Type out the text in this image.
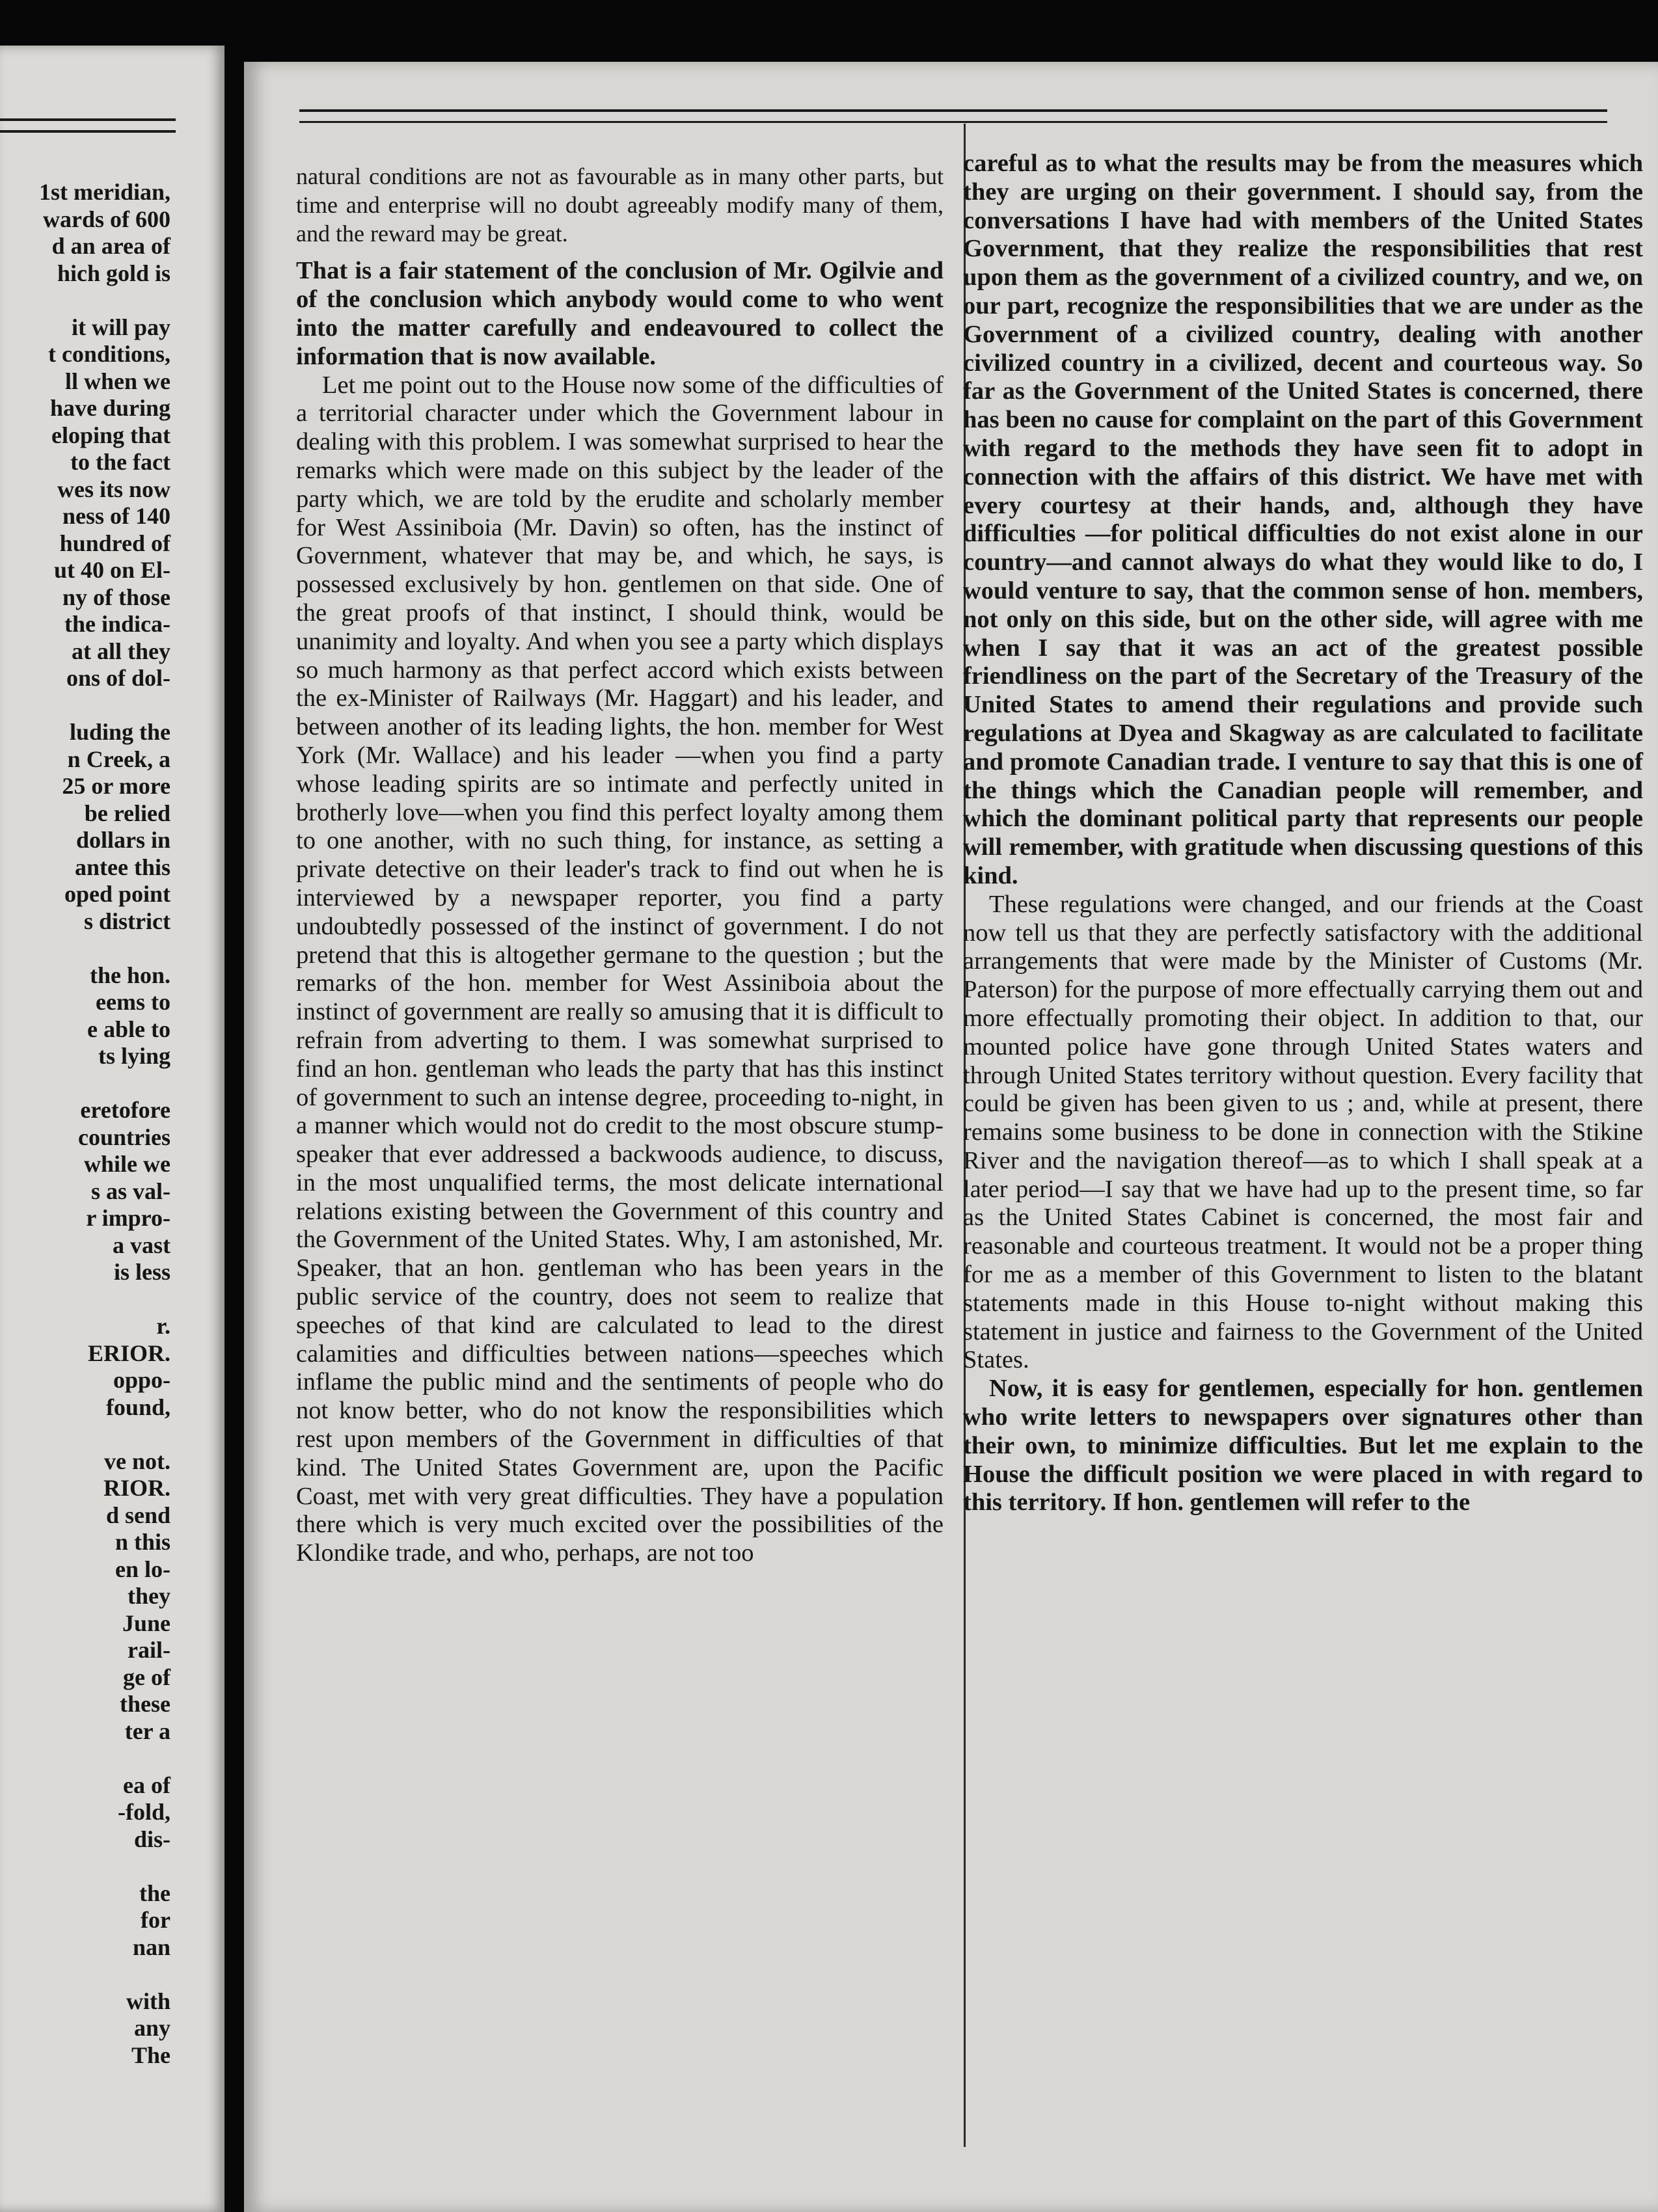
1st meridian,
wards of 600
d an area of
hich gold is
it will pay
t conditions,
ll when we
have during
eloping that
to the fact
wes its now
ness of 140
hundred of
ut 40 on El-
ny of those
the indica-
at all they
ons of dol-
luding the
n Creek, a
25 or more
be relied
dollars in
antee this
oped point
s district
the hon.
eems to
e able to
ts lying
eretofore
countries
while we
s as val-
r impro-
a vast
is less
r.
ERIOR.
oppo-
found,
ve not.
RIOR.
d send
n this
en lo-
they
June
rail-
ge of
these
ter a
ea of
-fold,
dis-
the
for
nan
with
any
The

natural conditions are not as favourable as in many other parts, but time and enterprise will no doubt agreeably modify many of them, and the reward may be great.

That is a fair statement of the conclusion of Mr. Ogilvie and of the conclusion which anybody would come to who went into the matter carefully and endeavoured to collect the information that is now available.

Let me point out to the House now some of the difficulties of a territorial character under which the Government labour in dealing with this problem. I was somewhat surprised to hear the remarks which were made on this subject by the leader of the party which, we are told by the erudite and scholarly member for West Assiniboia (Mr. Davin) so often, has the instinct of Government, whatever that may be, and which, he says, is possessed exclusively by hon. gentlemen on that side. One of the great proofs of that instinct, I should think, would be unanimity and loyalty. And when you see a party which displays so much harmony as that perfect accord which exists between the ex-Minister of Railways (Mr. Haggart) and his leader, and between another of its leading lights, the hon. member for West York (Mr. Wallace) and his leader —when you find a party whose leading spirits are so intimate and perfectly united in brotherly love—when you find this perfect loyalty among them to one another, with no such thing, for instance, as setting a private detective on their leader's track to find out when he is interviewed by a newspaper reporter, you find a party undoubtedly possessed of the instinct of government. I do not pretend that this is altogether germane to the question ; but the remarks of the hon. member for West Assiniboia about the instinct of government are really so amusing that it is difficult to refrain from adverting to them. I was somewhat surprised to find an hon. gentleman who leads the party that has this instinct of government to such an intense degree, proceeding to-night, in a manner which would not do credit to the most obscure stump-speaker that ever addressed a backwoods audience, to discuss, in the most unqualified terms, the most delicate international relations existing between the Government of this country and the Government of the United States. Why, I am astonished, Mr. Speaker, that an hon. gentleman who has been years in the public service of the country, does not seem to realize that speeches of that kind are calculated to lead to the direst calamities and difficulties between nations—speeches which inflame the public mind and the sentiments of people who do not know better, who do not know the responsibilities which rest upon members of the Government in difficulties of that kind. The United States Government are, upon the Pacific Coast, met with very great difficulties. They have a population there which is very much excited over the possibilities of the Klondike trade, and who, perhaps, are not too

careful as to what the results may be from the measures which they are urging on their government. I should say, from the conversations I have had with members of the United States Government, that they realize the responsibilities that rest upon them as the government of a civilized country, and we, on our part, recognize the responsibilities that we are under as the Government of a civilized country, dealing with another civilized country in a civilized, decent and courteous way. So far as the Government of the United States is concerned, there has been no cause for complaint on the part of this Government with regard to the methods they have seen fit to adopt in connection with the affairs of this district. We have met with every courtesy at their hands, and, although they have difficulties —for political difficulties do not exist alone in our country—and cannot always do what they would like to do, I would venture to say, that the common sense of hon. members, not only on this side, but on the other side, will agree with me when I say that it was an act of the greatest possible friendliness on the part of the Secretary of the Treasury of the United States to amend their regulations and provide such regulations at Dyea and Skagway as are calculated to facilitate and promote Canadian trade. I venture to say that this is one of the things which the Canadian people will remember, and which the dominant political party that represents our people will remember, with gratitude when discussing questions of this kind.

These regulations were changed, and our friends at the Coast now tell us that they are perfectly satisfactory with the additional arrangements that were made by the Minister of Customs (Mr. Paterson) for the purpose of more effectually carrying them out and more effectually promoting their object. In addition to that, our mounted police have gone through United States waters and through United States territory without question. Every facility that could be given has been given to us ; and, while at present, there remains some business to be done in connection with the Stikine River and the navigation thereof—as to which I shall speak at a later period—I say that we have had up to the present time, so far as the United States Cabinet is concerned, the most fair and reasonable and courteous treatment. It would not be a proper thing for me as a member of this Government to listen to the blatant statements made in this House to-night without making this statement in justice and fairness to the Government of the United States.

Now, it is easy for gentlemen, especially for hon. gentlemen who write letters to newspapers over signatures other than their own, to minimize difficulties. But let me explain to the House the difficult position we were placed in with regard to this territory. If hon. gentlemen will refer to the
